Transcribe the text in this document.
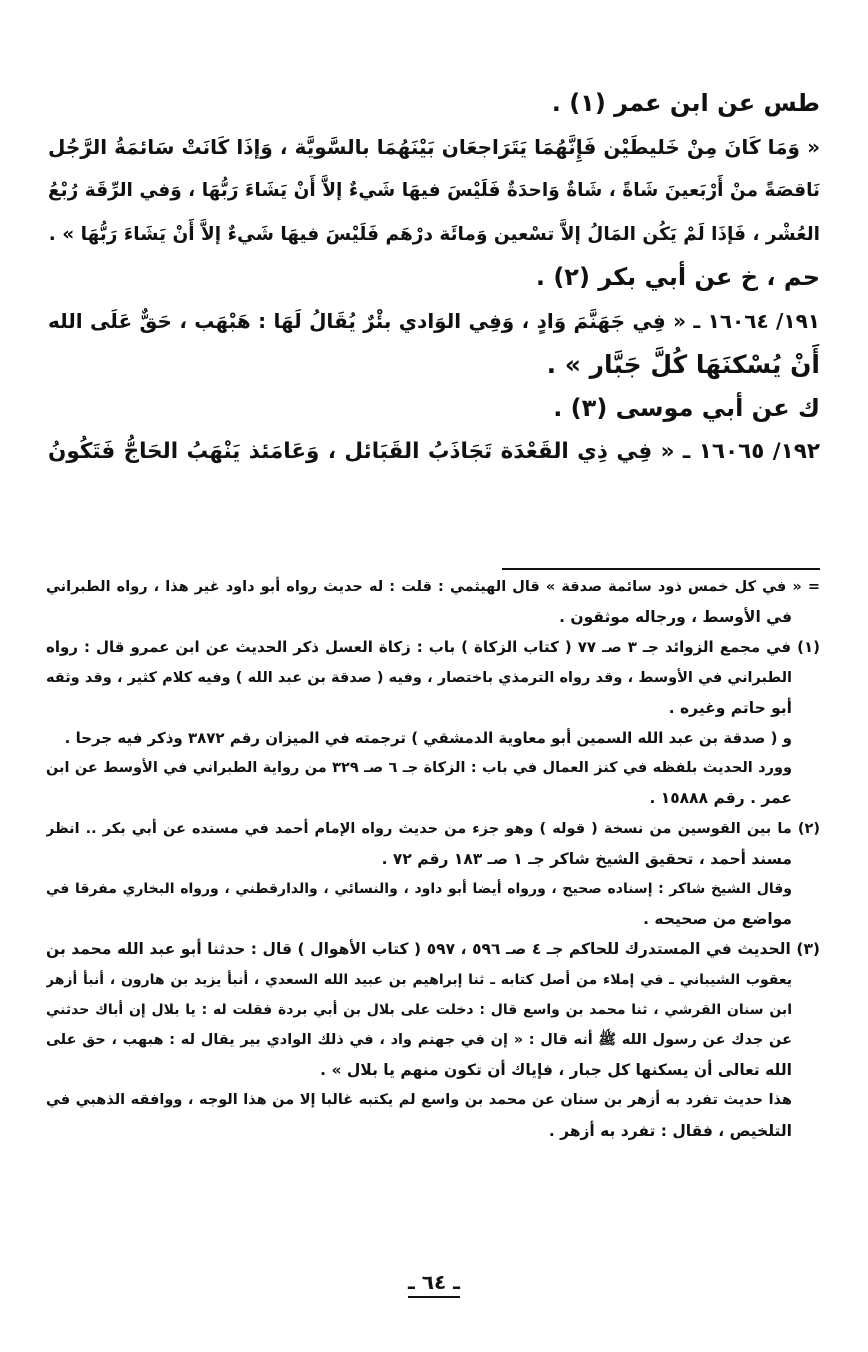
طس عن ابن عمر (١) .
« وَمَا كَانَ مِنْ خَليطَيْن فَإِنَّهُمَا يَتَرَاجعَان بَيْنَهُمَا بالسَّويَّة ، وَإذَا كَانَتْ سَائمَةُ الرَّجُل
نَاقصَةً منْ أَرْبَعينَ شَاةً ، شَاةٌ وَاحدَةٌ فَلَيْسَ فيهَا شَيءٌ إلاَّ أَنْ يَشَاءَ رَبُّهَا ، وَفي الرِّقَة رُبْعُ
العُشْر ، فَإذَا لَمْ يَكُن المَالُ إلاَّ تسْعين وَمائَة درْهَم فَلَيْسَ فيهَا شَيءٌ إلاَّ أَنْ يَشَاءَ رَبُّهَا » .
حم ، خ عن أبي بكر (٢) .
١٩١/ ١٦٠٦٤ ـ « فِي جَهَنَّمَ وَادٍ ، وَفِي الوَادي بئْرٌ يُقَالُ لَهَا : هَبْهَب ، حَقٌّ عَلَى الله
أَنْ يُسْكنَهَا كُلَّ جَبَّار » .
ك عن أبي موسى (٣) .
١٩٢/ ١٦٠٦٥ ـ « فِي ذِي القَعْدَة تَجَاذَبُ القَبَائل ، وَعَامَئذ يَنْهَبُ الحَاجُّ فَتَكُونُ
= « في كل خمس ذود سائمة صدقة » قال الهيثمي : قلت : له حديث رواه أبو داود غير هذا ، رواه الطبراني
في الأوسط ، ورجاله موثقون .
(١) في مجمع الزوائد جـ ٣ صـ ٧٧ ( كتاب الزكاة ) باب : زكاة العسل ذكر الحديث عن ابن عمرو قال : رواه
الطبراني في الأوسط ، وقد رواه الترمذي باختصار ، وفيه ( صدقة بن عبد الله ) وفيه كلام كثير ، وقد وثقه
أبو حاتم وغيره .
و ( صدقة بن عبد الله السمين أبو معاوية الدمشقي ) ترجمته في الميزان رقم ٣٨٧٢ وذكر فيه جرحا .
وورد الحديث بلفظه في كنز العمال في باب : الزكاة جـ ٦ صـ ٣٢٩ من رواية الطبراني في الأوسط عن ابن
عمر . رقم ١٥٨٨٨ .
(٢) ما بين القوسين من نسخة ( قوله ) وهو جزء من حديث رواه الإمام أحمد في مسنده عن أبي بكر .. انظر
مسند أحمد ، تحقيق الشيخ شاكر جـ ١ صـ ١٨٣ رقم ٧٢ .
وقال الشيخ شاكر : إسناده صحيح ، ورواه أيضا أبو داود ، والنسائي ، والدارقطني ، ورواه البخاري مفرقا في
مواضع من صحيحه .
(٣) الحديث في المستدرك للحاكم جـ ٤ صـ ٥٩٦ ، ٥٩٧ ( كتاب الأهوال ) قال : حدثنا أبو عبد الله محمد بن
يعقوب الشيباني ـ في إملاء من أصل كتابه ـ ثنا إبراهيم بن عبيد الله السعدي ، أنبأ يزيد بن هارون ، أنبأ أزهر
ابن سنان القرشي ، ثنا محمد بن واسع قال : دخلت على بلال بن أبي بردة فقلت له : يا بلال إن أباك حدثني
عن جدك عن رسول الله ﷺ أنه قال : « إن في جهنم واد ، في ذلك الوادي بير يقال له : هبهب ، حق على
الله تعالى أن يسكنها كل جبار ، فإياك أن تكون منهم يا بلال » .
هذا حديث تفرد به أزهر بن سنان عن محمد بن واسع لم يكتبه غالبا إلا من هذا الوجه ، ووافقه الذهبي في
التلخيص ، فقال : تفرد به أزهر .
ـ ٦٤ ـ
